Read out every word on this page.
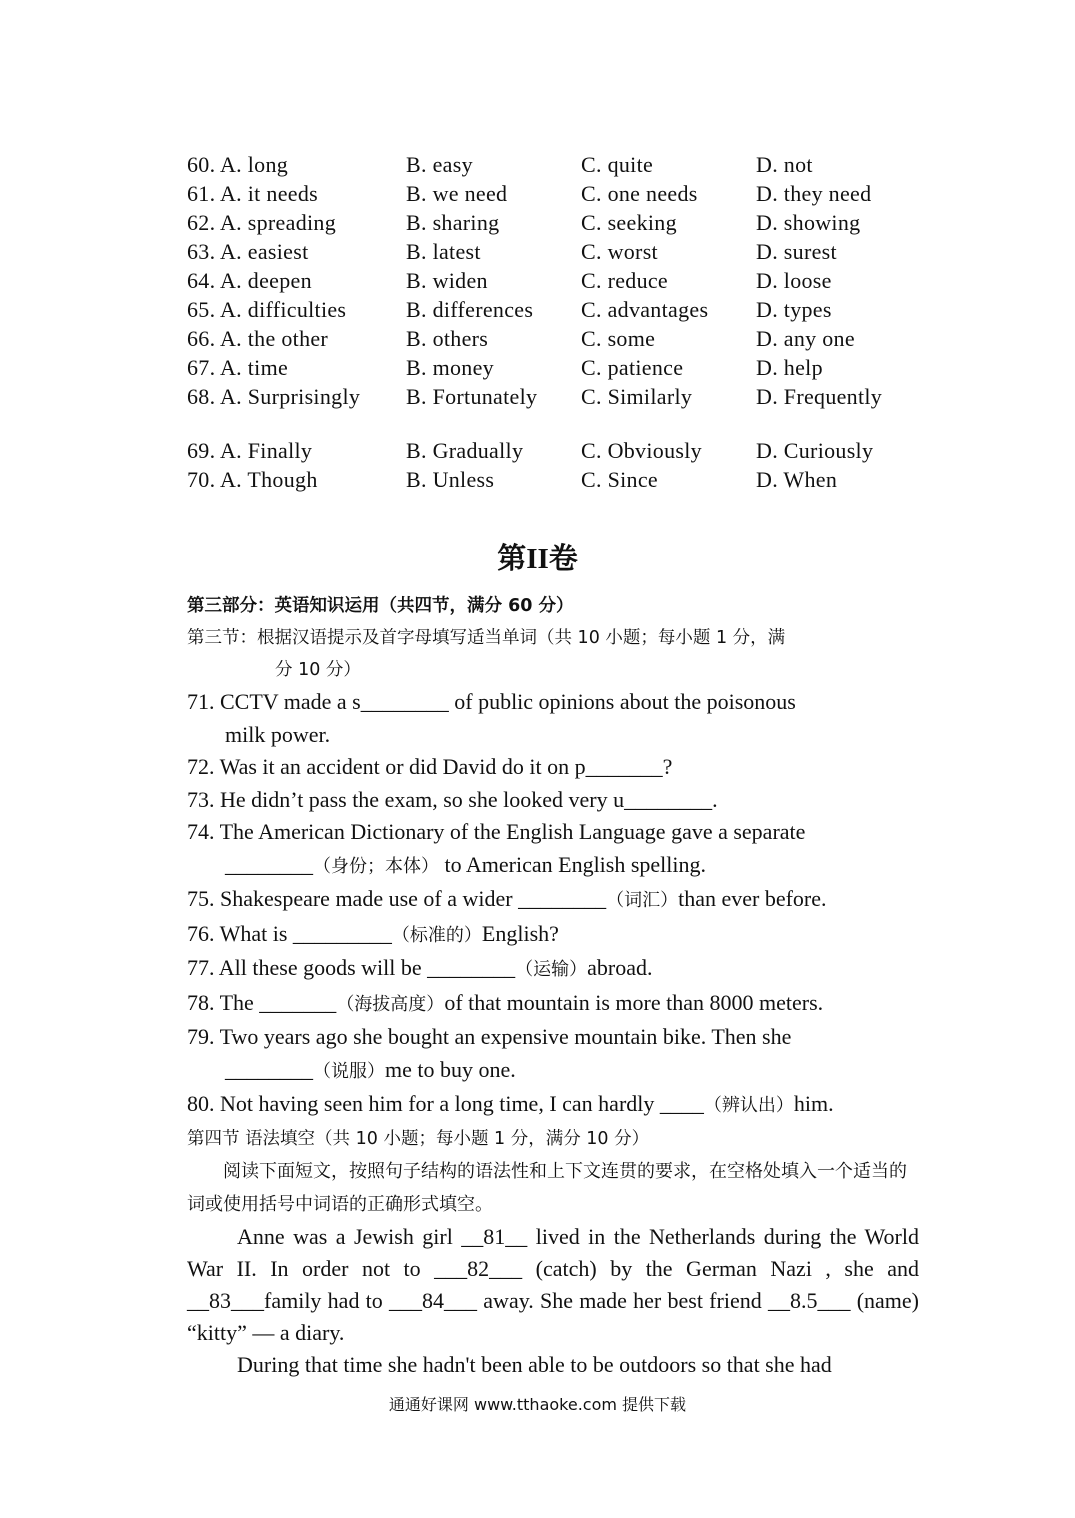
60. A. long	B. easy	C. quite	D. not
61. A. it needs	B. we need	C. one needs	D. they need
62. A. spreading	B. sharing	C. seeking	D. showing
63. A. easiest	B. latest	C. worst	D. surest
64. A. deepen	B. widen	C. reduce	D. loose
65. A. difficulties	B. differences	C. advantages	D. types
66. A. the other	B. others	C. some	D. any one
67. A. time	B. money	C. patience	D. help
68. A. Surprisingly	B. Fortunately	C. Similarly	D. Frequently
69. A. Finally	B. Gradually	C. Obviously	D. Curiously
70. A. Though	B. Unless	C. Since	D. When
第II卷
第三部分：英语知识运用（共四节，满分 60 分）
第三节：根据汉语提示及首字母填写适当单词（共 10 小题；每小题 1 分，满
分 10 分）
71. CCTV made a s________ of public opinions about the poisonous
milk power.
72. Was it an accident or did David do it on p_______?
73. He didn’t pass the exam, so she looked very u________.
74. The American Dictionary of the English Language gave a separate
________（身份；本体） to American English spelling.
75. Shakespeare made use of a wider ________（词汇）than ever before.
76. What is _________（标准的）English?
77. All these goods will be ________（运输）abroad.
78. The _______（海拔高度）of that mountain is more than 8000 meters.
79. Two years ago she bought an expensive mountain bike. Then she
________（说服）me to buy one.
80. Not having seen him for a long time, I can hardly ____（辨认出）him.
第四节 语法填空（共 10 小题；每小题 1 分，满分 10 分）
阅读下面短文，按照句子结构的语法性和上下文连贯的要求，在空格处填入一个适当的词或使用括号中词语的正确形式填空。
Anne was a Jewish girl __81__ lived in the Netherlands during the World War II. In order not to ___82___ (catch) by the German Nazi , she and __83___family had to ___84___ away. She made her best friend __8.5___ (name) “kitty” — a diary.
During that time she hadn't been able to be outdoors so that she had
通通好课网 www.tthaoke.com 提供下载
